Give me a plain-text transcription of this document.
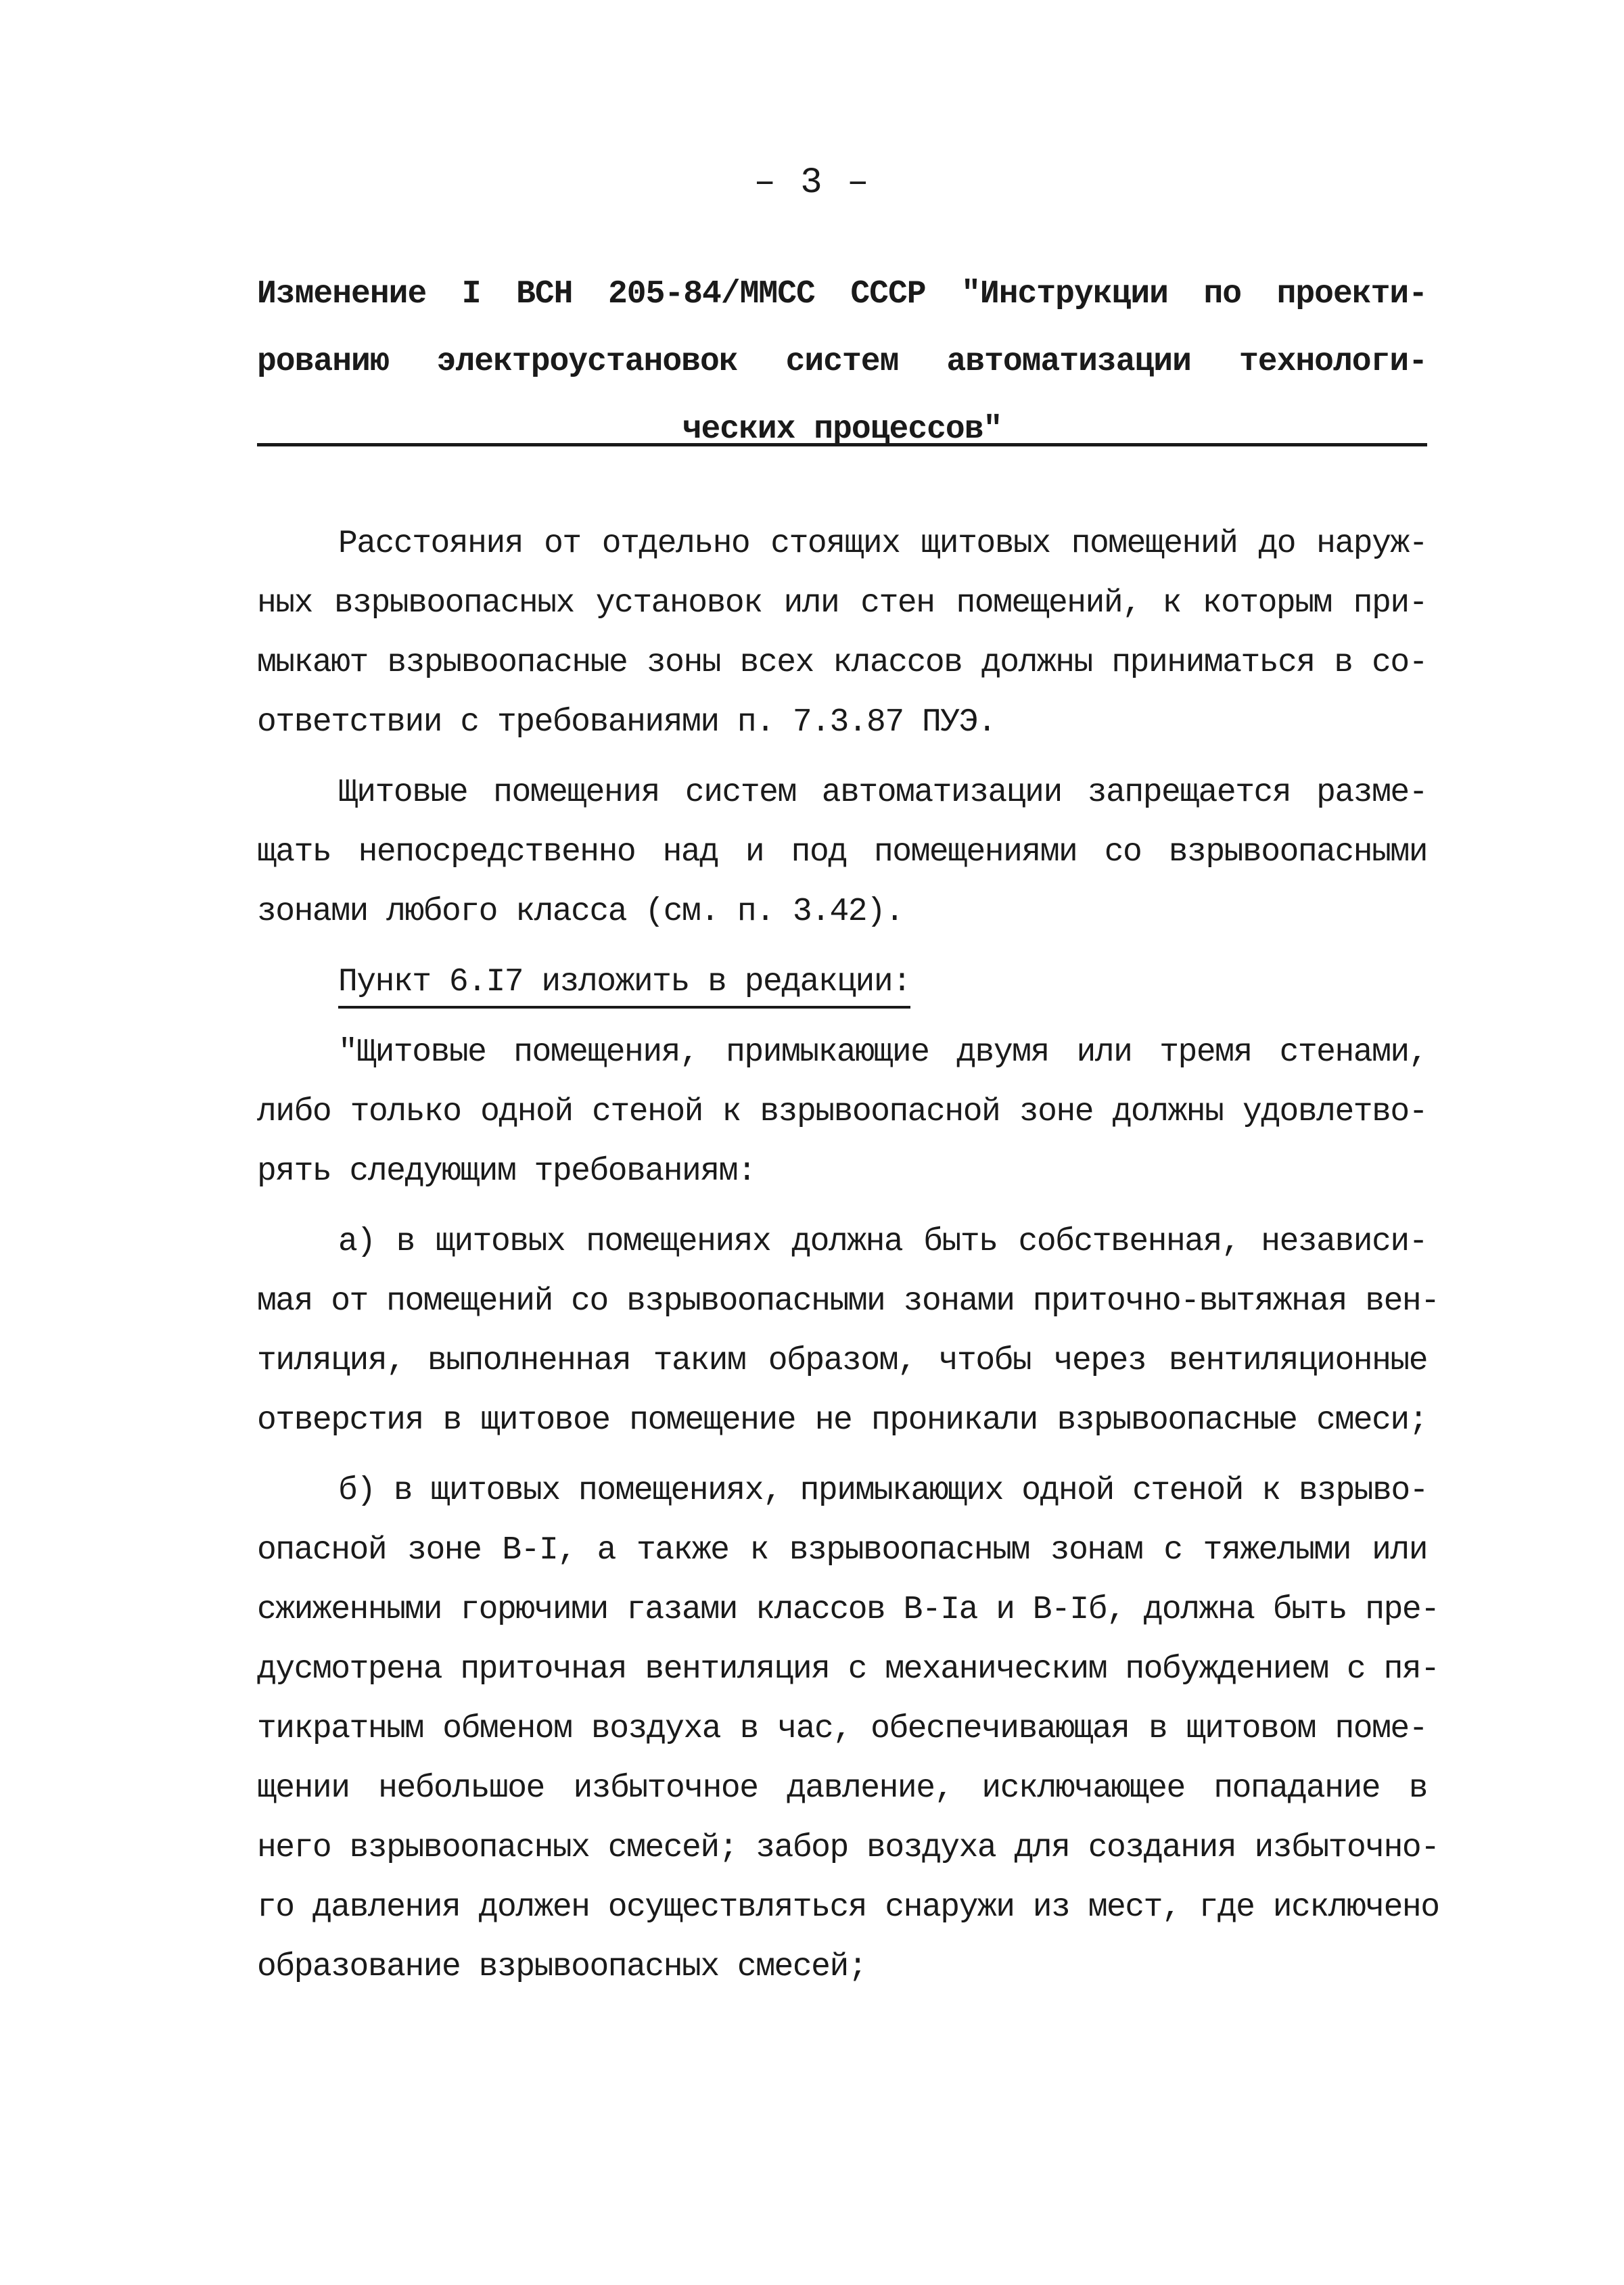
– 3 –
Изменение I ВСН 205-84/ММСС СССР "Инструкции по проекти-
рованию электроустановок систем автоматизации технологи-
ческих процессов"
Расстояния от отдельно стоящих щитовых помещений до наруж-
ных взрывоопасных установок или стен помещений, к которым при-
мыкают взрывоопасные зоны всех классов должны приниматься в со-
ответствии с требованиями п. 7.3.87 ПУЭ.
Щитовые помещения систем автоматизации запрещается разме-
щать непосредственно над и под помещениями со взрывоопасными
зонами любого класса (см. п. 3.42).
Пункт 6.I7 изложить в редакции:
"Щитовые помещения, примыкающие двумя или тремя стенами,
либо только одной стеной к взрывоопасной зоне должны удовлетво-
рять следующим требованиям:
а) в щитовых помещениях должна быть собственная, независи-
мая от помещений со взрывоопасными зонами приточно-вытяжная вен-
тиляция, выполненная таким образом, чтобы через вентиляционные
отверстия в щитовое помещение не проникали взрывоопасные смеси;
б) в щитовых помещениях, примыкающих одной стеной к взрыво-
опасной зоне В-I, а также к взрывоопасным зонам с тяжелыми или
сжиженными горючими газами классов В-Iа и В-Iб, должна быть пре-
дусмотрена приточная вентиляция с механическим побуждением с пя-
тикратным обменом воздуха в час, обеспечивающая в щитовом поме-
щении небольшое избыточное давление, исключающее попадание в
него взрывоопасных смесей; забор воздуха для создания избыточно-
го давления должен осуществляться снаружи из мест, где исключено
образование взрывоопасных смесей;
